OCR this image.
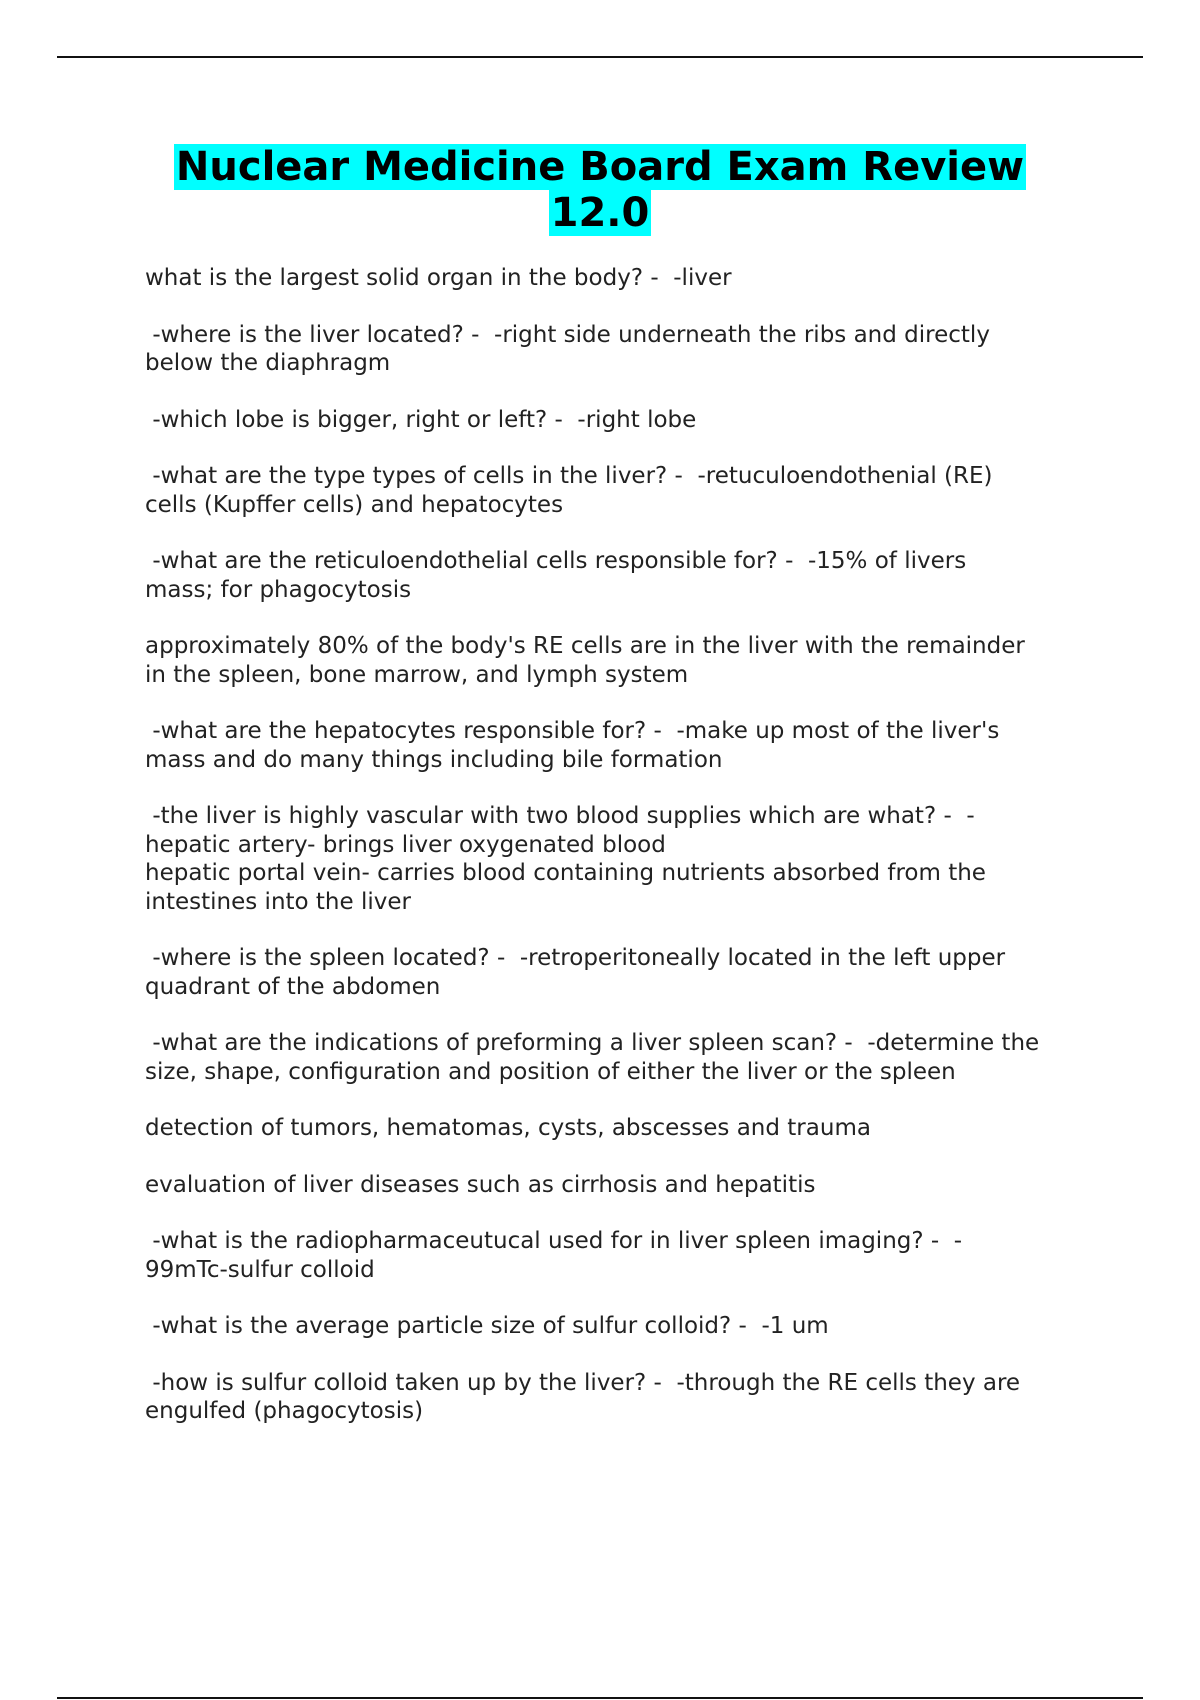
Nuclear Medicine Board Exam Review
12.0
what is the largest solid organ in the body? -  -liver
-where is the liver located? -  -right side underneath the ribs and directly
below the diaphragm
-which lobe is bigger, right or left? -  -right lobe
-what are the type types of cells in the liver? -  -retuculoendothenial (RE)
cells (Kupffer cells) and hepatocytes
-what are the reticuloendothelial cells responsible for? -  -15% of livers
mass; for phagocytosis
approximately 80% of the body's RE cells are in the liver with the remainder
in the spleen, bone marrow, and lymph system
-what are the hepatocytes responsible for? -  -make up most of the liver's
mass and do many things including bile formation
-the liver is highly vascular with two blood supplies which are what? -  -
hepatic artery- brings liver oxygenated blood
hepatic portal vein- carries blood containing nutrients absorbed from the
intestines into the liver
-where is the spleen located? -  -retroperitoneally located in the left upper
quadrant of the abdomen
-what are the indications of preforming a liver spleen scan? -  -determine the
size, shape, configuration and position of either the liver or the spleen
detection of tumors, hematomas, cysts, abscesses and trauma
evaluation of liver diseases such as cirrhosis and hepatitis
-what is the radiopharmaceutucal used for in liver spleen imaging? -  -
99mTc-sulfur colloid
-what is the average particle size of sulfur colloid? -  -1 um
-how is sulfur colloid taken up by the liver? -  -through the RE cells they are
engulfed (phagocytosis)
